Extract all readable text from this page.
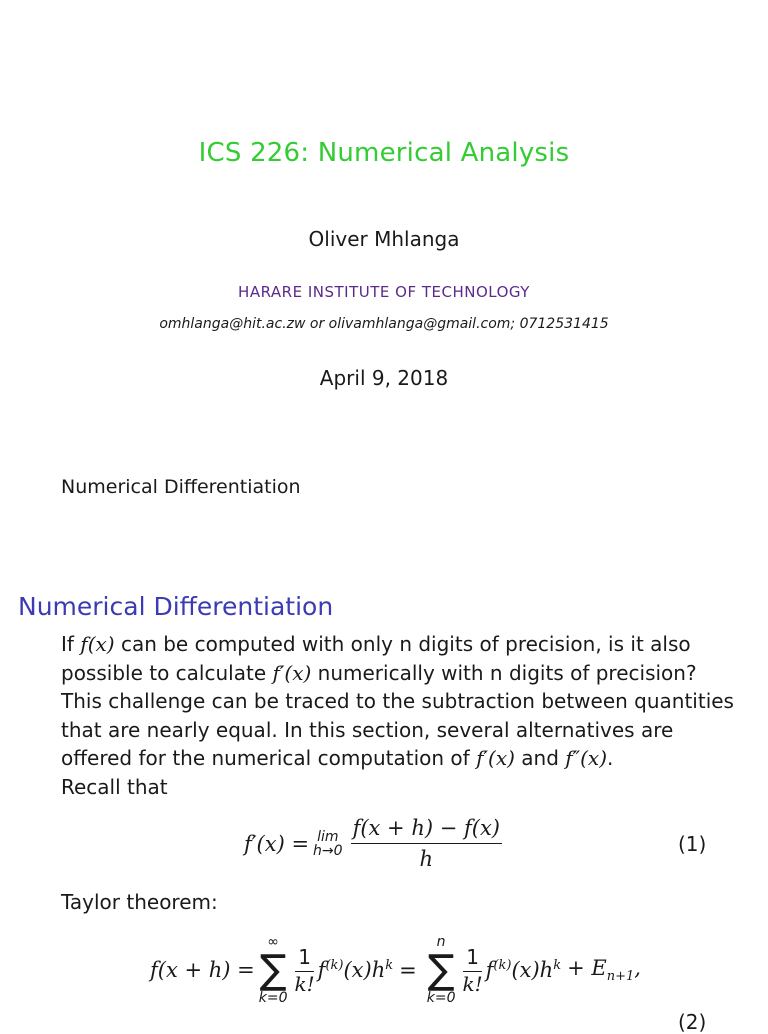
ICS 226: Numerical Analysis
Oliver Mhlanga
HARARE INSTITUTE OF TECHNOLOGY
omhlanga@hit.ac.zw or olivamhlanga@gmail.com; 0712531415
April 9, 2018
Numerical Differentiation
Numerical Differentiation

If f(x) can be computed with only n digits of precision, is it also

possible to calculate f′(x) numerically with n digits of precision?

This challenge can be traced to the subtraction between quantities

that are nearly equal. In this section, several alternatives are

offered for the numerical computation of f′(x) and f″(x).

Recall that

f′(x) = lim
$h\to 0 \frac{f(x + h) - f(x)}{h}$	(1)
Taylor theorem:
f(x + h) =
∞
∑
k=0
$\frac{1}{k!} f^{(k)}(x)h^k$ =
n
∑
k=0
$\frac{1}{k!} f^{(k)}(x)h^k + E_{n+1}$,
(2)
